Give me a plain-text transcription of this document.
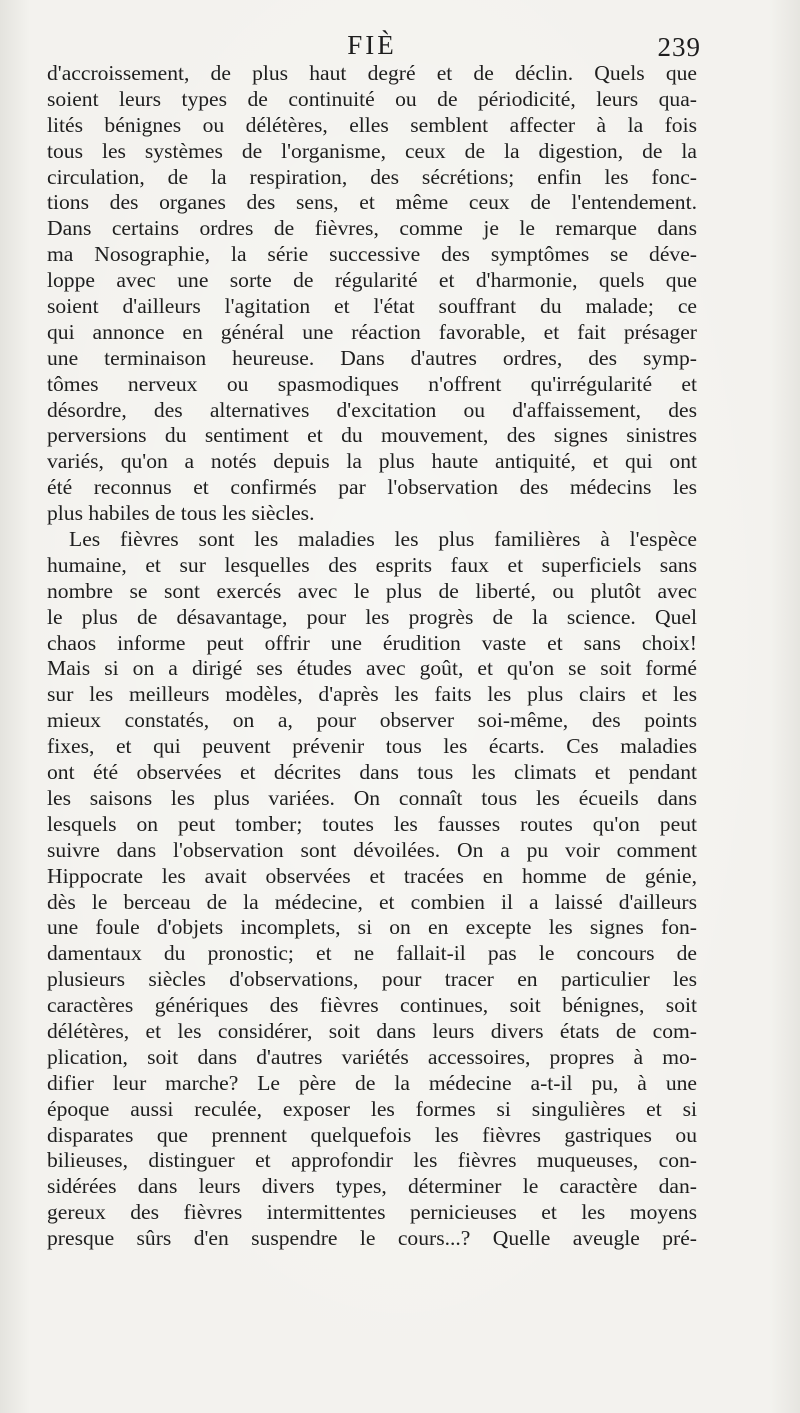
FIÈ	239
d'accroissement, de plus haut degré et de déclin. Quels que
soient leurs types de continuité ou de périodicité, leurs qua-
lités bénignes ou délétères, elles semblent affecter à la fois
tous les systèmes de l'organisme, ceux de la digestion, de la
circulation, de la respiration, des sécrétions; enfin les fonc-
tions des organes des sens, et même ceux de l'entendement.
Dans certains ordres de fièvres, comme je le remarque dans
ma Nosographie, la série successive des symptômes se déve-
loppe avec une sorte de régularité et d'harmonie, quels que
soient d'ailleurs l'agitation et l'état souffrant du malade; ce
qui annonce en général une réaction favorable, et fait présager
une terminaison heureuse. Dans d'autres ordres, des symp-
tômes nerveux ou spasmodiques n'offrent qu'irrégularité et
désordre, des alternatives d'excitation ou d'affaissement, des
perversions du sentiment et du mouvement, des signes sinistres
variés, qu'on a notés depuis la plus haute antiquité, et qui ont
été reconnus et confirmés par l'observation des médecins les
plus habiles de tous les siècles.
Les fièvres sont les maladies les plus familières à l'espèce
humaine, et sur lesquelles des esprits faux et superficiels sans
nombre se sont exercés avec le plus de liberté, ou plutôt avec
le plus de désavantage, pour les progrès de la science. Quel
chaos informe peut offrir une érudition vaste et sans choix!
Mais si on a dirigé ses études avec goût, et qu'on se soit formé
sur les meilleurs modèles, d'après les faits les plus clairs et les
mieux constatés, on a, pour observer soi-même, des points
fixes, et qui peuvent prévenir tous les écarts. Ces maladies
ont été observées et décrites dans tous les climats et pendant
les saisons les plus variées. On connaît tous les écueils dans
lesquels on peut tomber; toutes les fausses routes qu'on peut
suivre dans l'observation sont dévoilées. On a pu voir comment
Hippocrate les avait observées et tracées en homme de génie,
dès le berceau de la médecine, et combien il a laissé d'ailleurs
une foule d'objets incomplets, si on en excepte les signes fon-
damentaux du pronostic; et ne fallait-il pas le concours de
plusieurs siècles d'observations, pour tracer en particulier les
caractères génériques des fièvres continues, soit bénignes, soit
délétères, et les considérer, soit dans leurs divers états de com-
plication, soit dans d'autres variétés accessoires, propres à mo-
difier leur marche? Le père de la médecine a-t-il pu, à une
époque aussi reculée, exposer les formes si singulières et si
disparates que prennent quelquefois les fièvres gastriques ou
bilieuses, distinguer et approfondir les fièvres muqueuses, con-
sidérées dans leurs divers types, déterminer le caractère dan-
gereux des fièvres intermittentes pernicieuses et les moyens
presque sûrs d'en suspendre le cours...? Quelle aveugle pré-
